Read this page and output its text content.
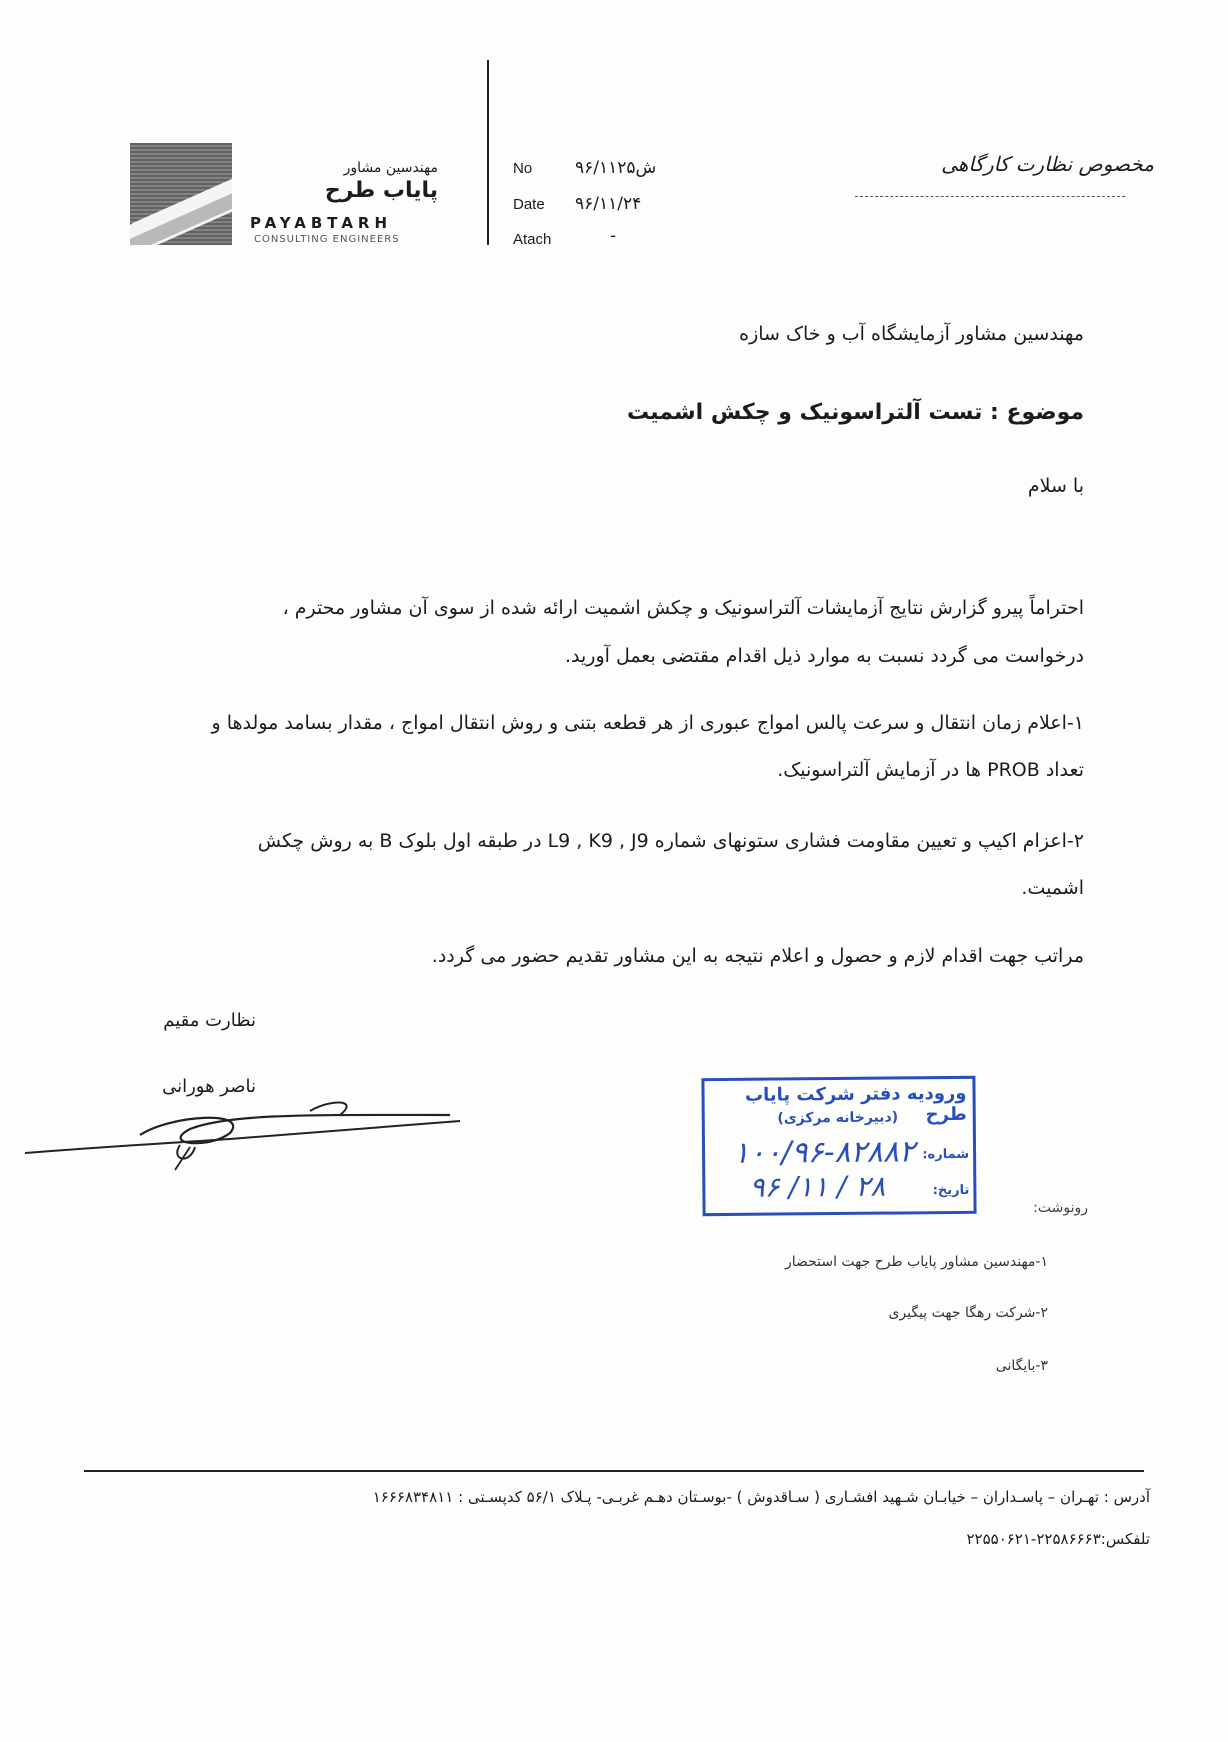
مهندسین مشاور
پایاب طرح
PAYABTARH
CONSULTING ENGINEERS
No	۹۶/۱۱۲۵ش
Date ۹۶/۱۱/۲۴
Atach	-
مخصوص نظارت کارگاهی
مهندسین مشاور آزمایشگاه آب و خاک سازه
موضوع : تست آلتراسونیک و چکش اشمیت
با سلام
احتراماً پیرو گزارش نتایج آزمایشات آلتراسونیک و چکش اشمیت ارائه شده از سوی آن مشاور محترم ،
درخواست می گردد نسبت به موارد ذیل اقدام مقتضی بعمل آورید.
۱-اعلام زمان انتقال و سرعت پالس امواج عبوری از هر قطعه بتنی و روش انتقال امواج ، مقدار بسامد مولدها و
تعداد PROB ها در آزمایش آلتراسونیک.
۲-اعزام اکیپ و تعیین مقاومت فشاری ستونهای شماره L9 , K9 , J9 در طبقه اول بلوک B به روش چکش
اشمیت.
مراتب جهت اقدام لازم و حصول و اعلام نتیجه به این مشاور تقدیم حضور می گردد.
نظارت مقیم
ناصر هورانی	ورودیه دفتر شرکت پایاب طرح
(دبیرخانه مرکزی)
شماره:
۱۰۰/۹۶-۸۲۸۸۲
تاریخ:
۹۶ /۱۱ / ۲۸
رونوشت:
۱-مهندسین مشاور پایاب طرح جهت استحضار
۲-شرکت رهگا جهت پیگیری
۳-بایگانی
آدرس : تهـران – پاسـداران – خیابـان شـهید افشـاری ( سـاقدوش ) -بوسـتان دهـم غربـی- پـلاک ۵۶/۱ کدپسـتی : ۱۶۶۶۸۳۴۸۱۱
تلفکس:۲۲۵۸۶۶۶۳-۲۲۵۵۰۶۲۱
